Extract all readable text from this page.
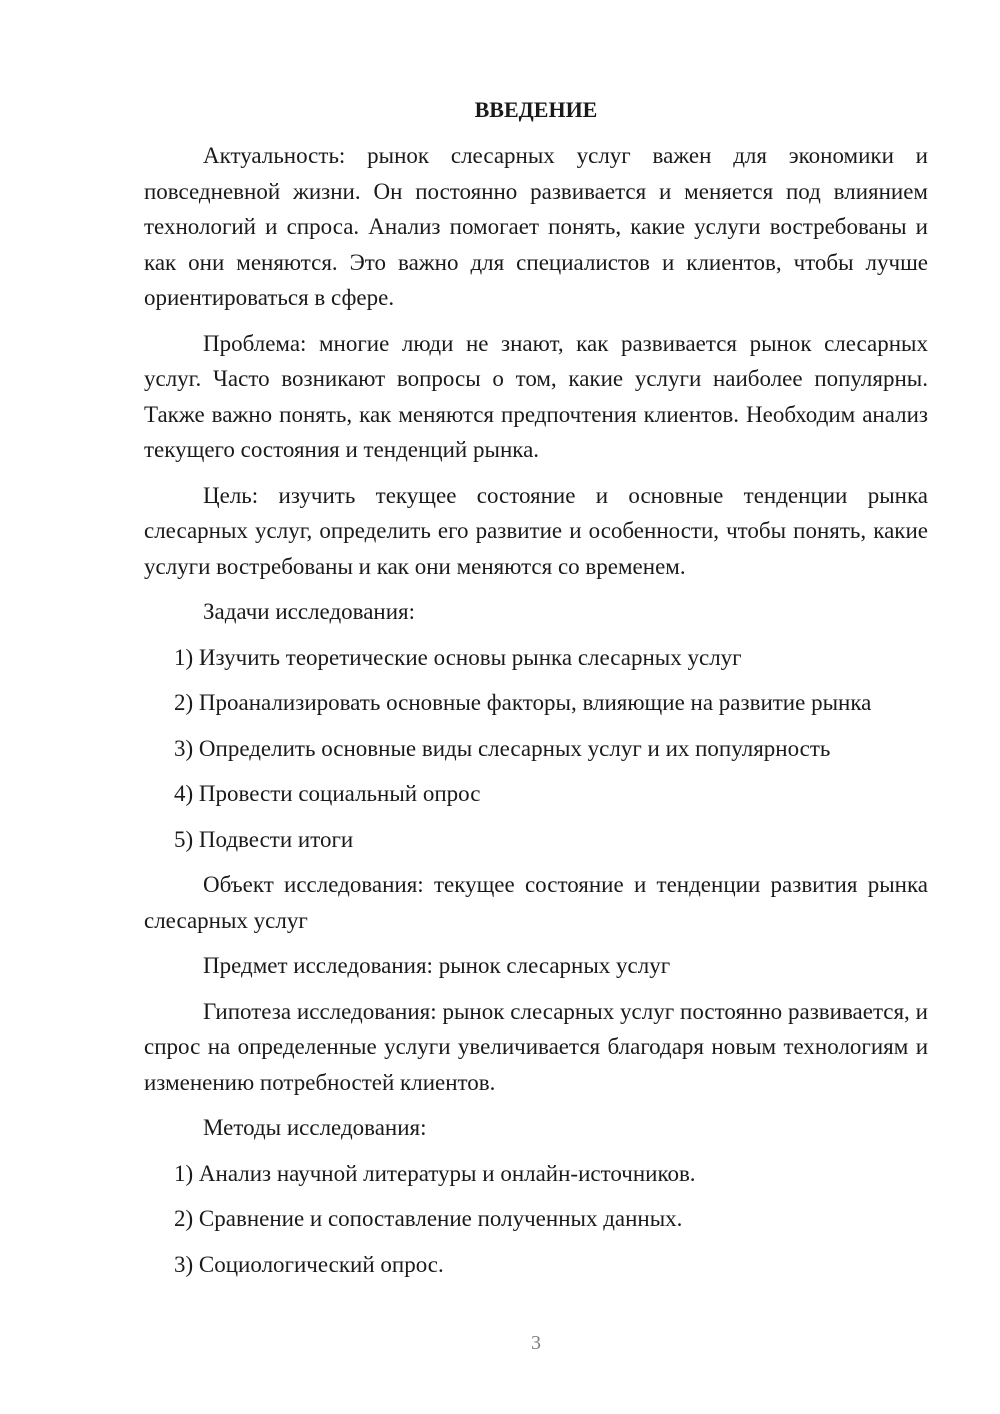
ВВЕДЕНИЕ

Актуальность: рынок слесарных услуг важен для экономики и повседневной жизни. Он постоянно развивается и меняется под влиянием технологий и спроса. Анализ помогает понять, какие услуги востребованы и как они меняются. Это важно для специалистов и клиентов, чтобы лучше ориентироваться в сфере.

Проблема: многие люди не знают, как развивается рынок слесарных услуг. Часто возникают вопросы о том, какие услуги наиболее популярны. Также важно понять, как меняются предпочтения клиентов. Необходим анализ текущего состояния и тенденций рынка.

Цель: изучить текущее состояние и основные тенденции рынка слесарных услуг, определить его развитие и особенности, чтобы понять, какие услуги востребованы и как они меняются со временем.

Задачи исследования:

1) Изучить теоретические основы рынка слесарных услуг

2) Проанализировать основные факторы, влияющие на развитие рынка

3) Определить основные виды слесарных услуг и их популярность

4) Провести социальный опрос

5) Подвести итоги

Объект исследования: текущее состояние и тенденции развития рынка слесарных услуг

Предмет исследования: рынок слесарных услуг

Гипотеза исследования: рынок слесарных услуг постоянно развивается, и спрос на определенные услуги увеличивается благодаря новым технологиям и изменению потребностей клиентов.

Методы исследования:

1) Анализ научной литературы и онлайн-источников.

2) Сравнение и сопоставление полученных данных.

3) Социологический опрос.

3
